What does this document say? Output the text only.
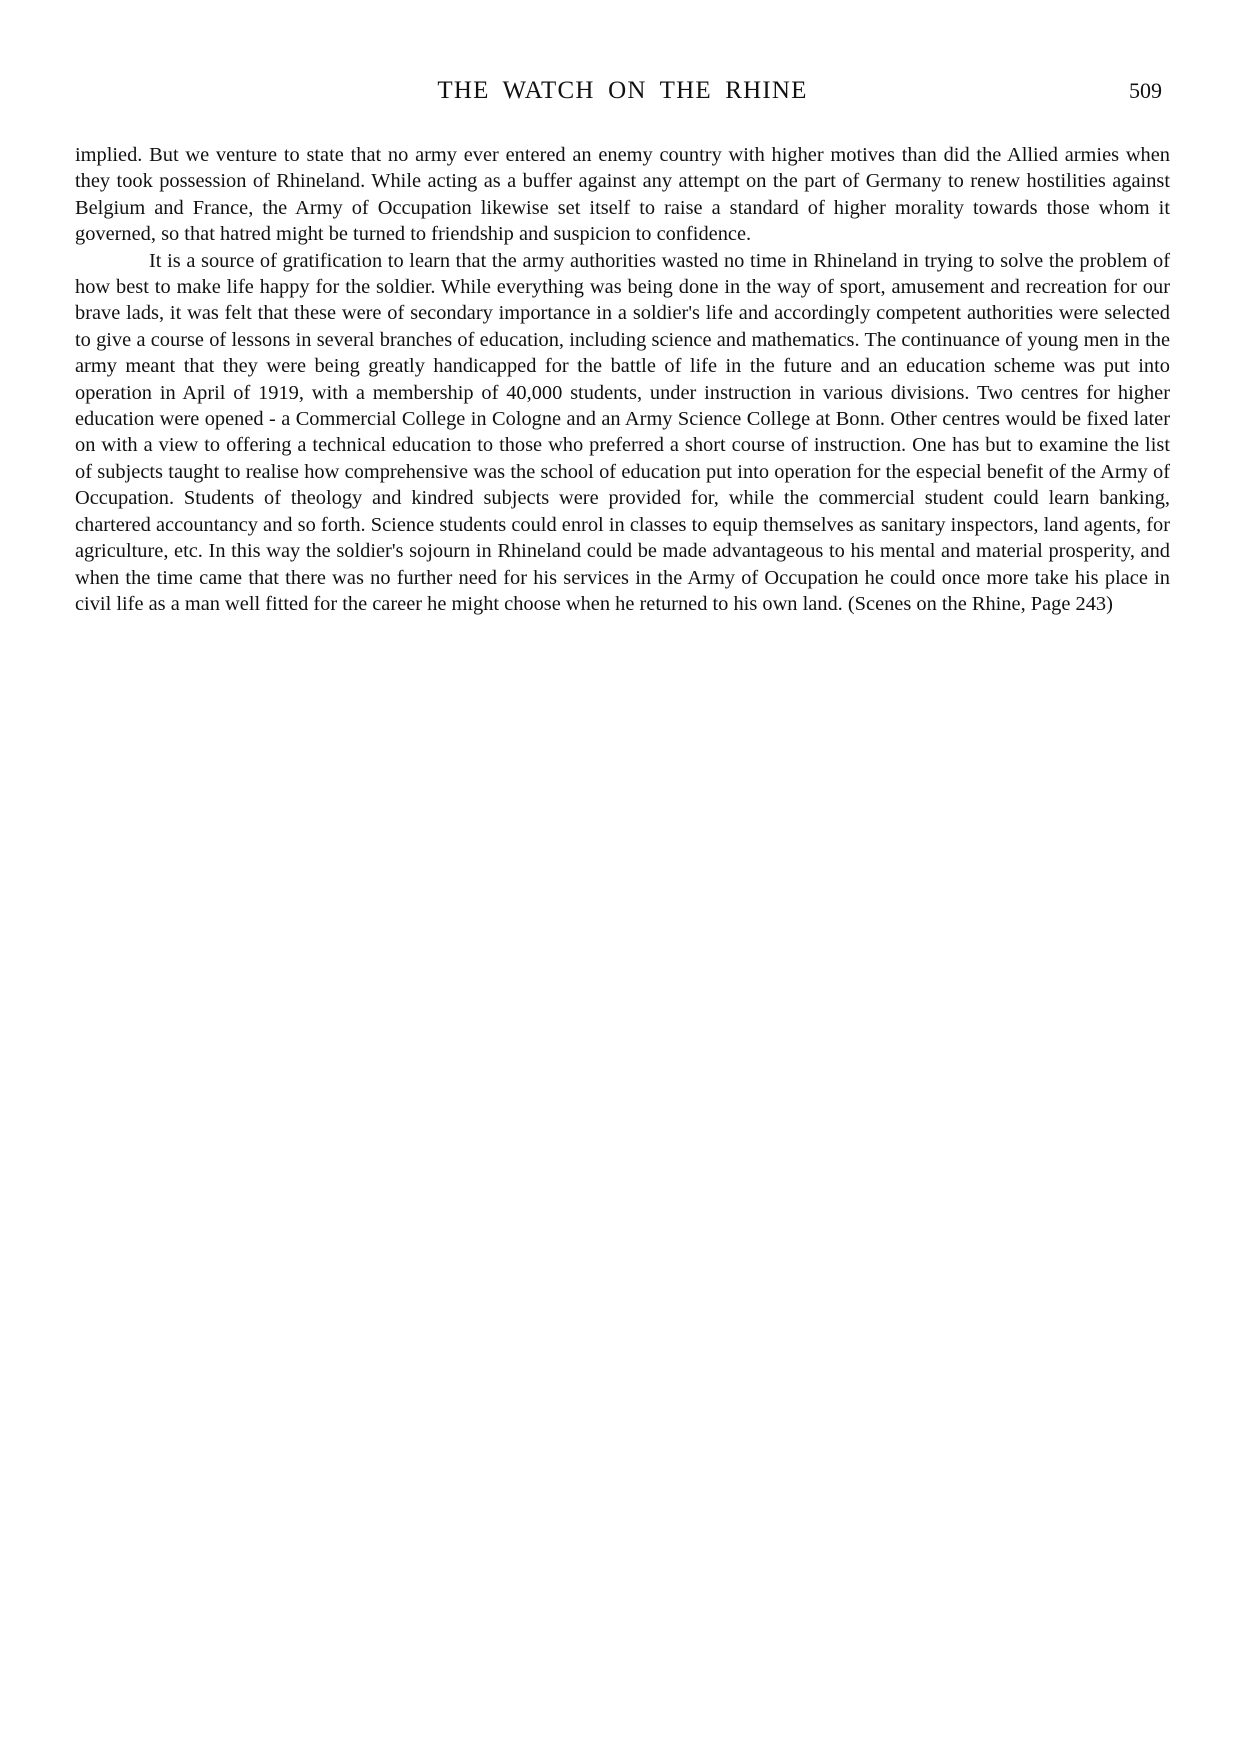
THE WATCH ON THE RHINE	509

implied. But we venture to state that no army ever entered an enemy country with higher motives than did the Allied armies when they took possession of Rhineland. While acting as a buffer against any attempt on the part of Germany to renew hostilities against Belgium and France, the Army of Occupation likewise set itself to raise a standard of higher morality towards those whom it governed, so that hatred might be turned to friendship and suspicion to confidence.

It is a source of gratification to learn that the army authorities wasted no time in Rhineland in trying to solve the problem of how best to make life happy for the soldier. While everything was being done in the way of sport, amusement and recreation for our brave lads, it was felt that these were of secondary importance in a soldier's life and accordingly competent authorities were selected to give a course of lessons in several branches of education, including science and mathematics. The continuance of young men in the army meant that they were being greatly handicapped for the battle of life in the future and an education scheme was put into operation in April of 1919, with a membership of 40,000 students, under instruction in various divisions. Two centres for higher education were opened - a Commercial College in Cologne and an Army Science College at Bonn. Other centres would be fixed later on with a view to offering a technical education to those who preferred a short course of instruction. One has but to examine the list of subjects taught to realise how comprehensive was the school of education put into operation for the especial benefit of the Army of Occupation. Students of theology and kindred subjects were provided for, while the commercial student could learn banking, chartered accountancy and so forth. Science students could enrol in classes to equip themselves as sanitary inspectors, land agents, for agriculture, etc. In this way the soldier's sojourn in Rhineland could be made advantageous to his mental and material prosperity, and when the time came that there was no further need for his services in the Army of Occupation he could once more take his place in civil life as a man well fitted for the career he might choose when he returned to his own land. (Scenes on the Rhine, Page 243)
